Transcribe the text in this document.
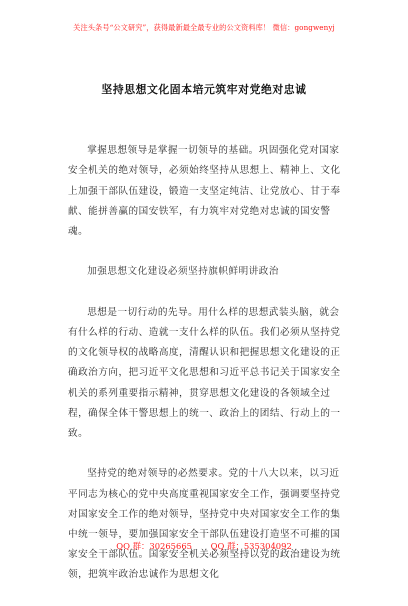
关注头条号“公文研究”，获得最新最全最专业的公文资料库！ 微信：gongwenyj
坚持思想文化固本培元筑牢对党绝对忠诚

掌握思想领导是掌握一切领导的基础。巩固强化党对国家安全机关的绝对领导，必须始终坚持从思想上、精神上、文化上加强干部队伍建设，锻造一支坚定纯洁、让党放心、甘于奉献、能拼善赢的国安铁军，有力筑牢对党绝对忠诚的国安警魂。

加强思想文化建设必须坚持旗帜鲜明讲政治

思想是一切行动的先导。用什么样的思想武装头脑，就会有什么样的行动、造就一支什么样的队伍。我们必须从坚持党的文化领导权的战略高度，清醒认识和把握思想文化建设的正确政治方向，把习近平文化思想和习近平总书记关于国家安全机关的系列重要指示精神，贯穿思想文化建设的各领域全过程，确保全体干警思想上的统一、政治上的团结、行动上的一致。

坚持党的绝对领导的必然要求。党的十八大以来，以习近平同志为核心的党中央高度重视国家安全工作，强调要坚持党对国家安全工作的绝对领导，坚持党中央对国家安全工作的集中统一领导，要加强国家安全干部队伍建设打造坚不可摧的国家安全干部队伍。国家安全机关必须坚持以党的政治建设为统领，把筑牢政治忠诚作为思想文化

QQ 群：30265665 QQ 群：535304092
